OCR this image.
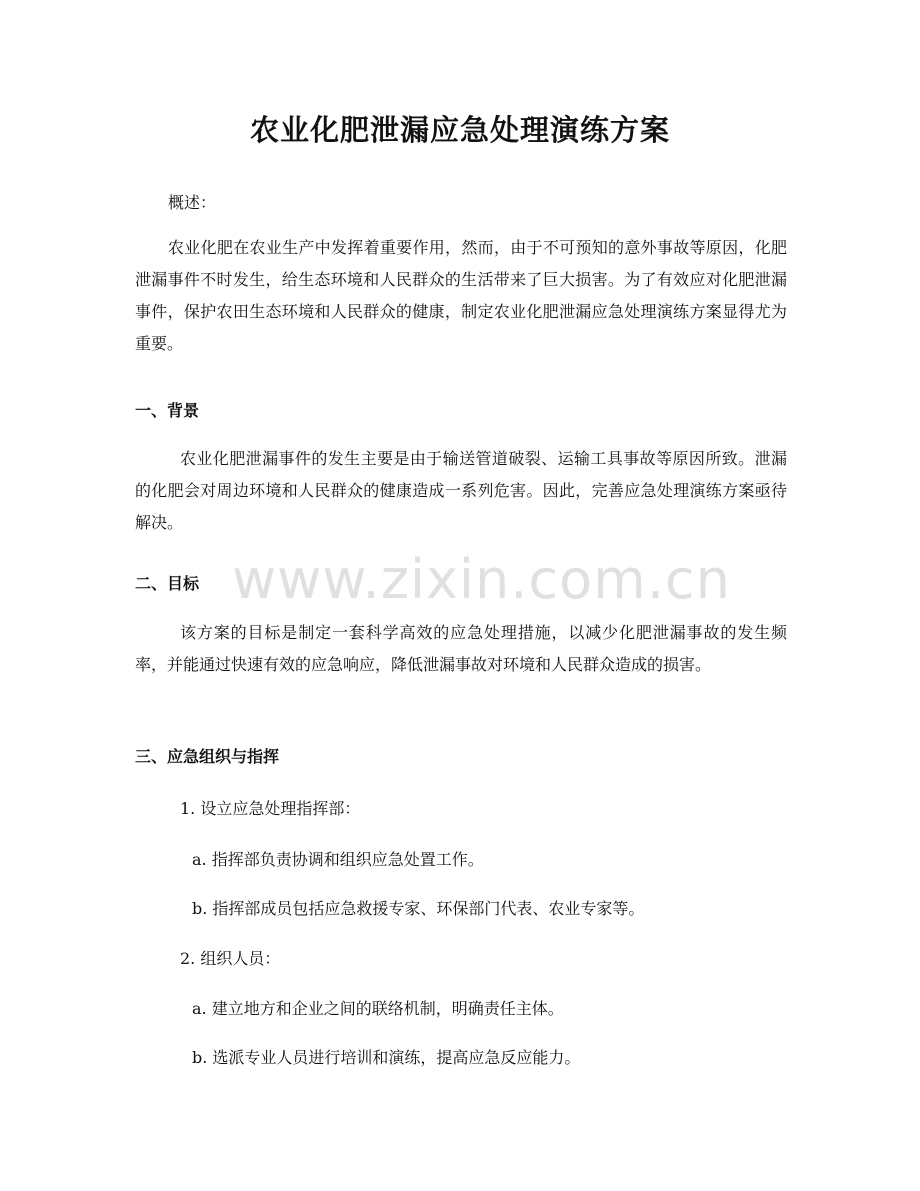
农业化肥泄漏应急处理演练方案

概述：

农业化肥在农业生产中发挥着重要作用，然而，由于不可预知的意外事故等原因，化肥泄漏事件不时发生，给生态环境和人民群众的生活带来了巨大损害。为了有效应对化肥泄漏事件，保护农田生态环境和人民群众的健康，制定农业化肥泄漏应急处理演练方案显得尤为重要。

一、背景

农业化肥泄漏事件的发生主要是由于输送管道破裂、运输工具事故等原因所致。泄漏的化肥会对周边环境和人民群众的健康造成一系列危害。因此，完善应急处理演练方案亟待解决。

二、目标

该方案的目标是制定一套科学高效的应急处理措施，以减少化肥泄漏事故的发生频率，并能通过快速有效的应急响应，降低泄漏事故对环境和人民群众造成的损害。

三、应急组织与指挥

1. 设立应急处理指挥部：

a. 指挥部负责协调和组织应急处置工作。

b. 指挥部成员包括应急救援专家、环保部门代表、农业专家等。

2. 组织人员：

a. 建立地方和企业之间的联络机制，明确责任主体。

b. 选派专业人员进行培训和演练，提高应急反应能力。

www.zixin.com.cn
